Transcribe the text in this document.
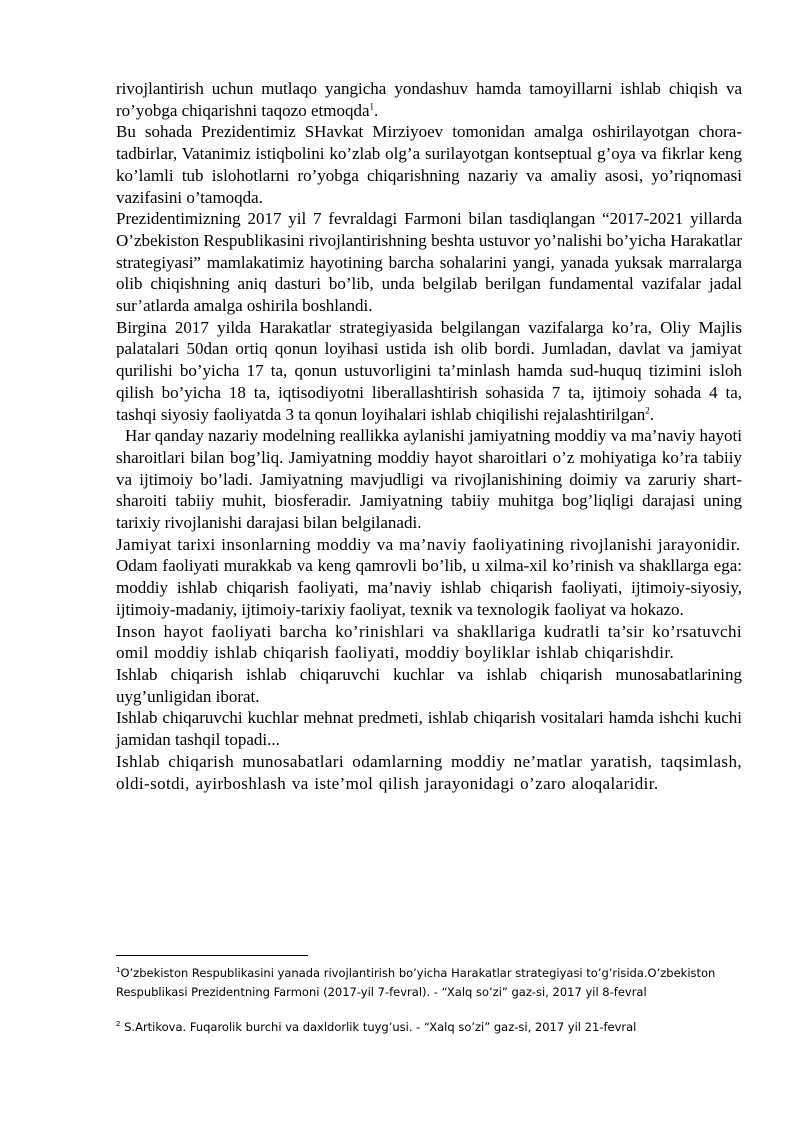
rivojlantirish uchun mutlaqo yangicha yondashuv hamda tamoyillarni ishlab chiqish va ro’yobga chiqarishni taqozo etmoqda$^1$.

Bu sohada Prezidentimiz SHavkat Mirziyoev tomonidan amalga oshirilayotgan chora-tadbirlar, Vatanimiz istiqbolini ko’zlab olg’a surilayotgan kontseptual g’oya va fikrlar keng ko’lamli tub islohotlarni ro’yobga chiqarishning nazariy va amaliy asosi, yo’riqnomasi vazifasini o’tamoqda.

Prezidentimizning 2017 yil 7 fevraldagi Farmoni bilan tasdiqlangan “2017-2021 yillarda O’zbekiston Respublikasini rivojlantirishning beshta ustuvor yo’nalishi bo’yicha Harakatlar strategiyasi” mamlakatimiz hayotining barcha sohalarini yangi, yanada yuksak marralarga olib chiqishning aniq dasturi bo’lib, unda belgilab berilgan fundamental vazifalar jadal sur’atlarda amalga oshirila boshlandi.

Birgina 2017 yilda Harakatlar strategiyasida belgilangan vazifalarga ko’ra, Oliy Majlis palatalari 50dan ortiq qonun loyihasi ustida ish olib bordi. Jumladan, davlat va jamiyat qurilishi bo’yicha 17 ta, qonun ustuvorligini ta’minlash hamda sud-huquq tizimini isloh qilish bo’yicha 18 ta, iqtisodiyotni liberallashtirish sohasida 7 ta, ijtimoiy sohada 4 ta, tashqi siyosiy faoliyatda 3 ta qonun loyihalari ishlab chiqilishi rejalashtirilgan$^2$.

Har qanday nazariy modelning reallikka aylanishi jamiyatning moddiy va ma’naviy hayoti sharoitlari bilan bog’liq. Jamiyatning moddiy hayot sharoitlari o’z mohiyatiga ko’ra tabiiy va ijtimoiy bo’ladi. Jamiyatning mavjudligi va rivojlanishining doimiy va zaruriy shart-sharoiti tabiiy muhit, biosferadir. Jamiyatning tabiiy muhitga bog’liqligi darajasi uning tarixiy rivojlanishi darajasi bilan belgilanadi.

Jamiyat tarixi insonlarning moddiy va ma’naviy faoliyatining rivojlanishi jarayonidir.

Odam faoliyati murakkab va keng qamrovli bo’lib, u xilma-xil ko’rinish va shakllarga ega: moddiy ishlab chiqarish faoliyati, ma’naviy ishlab chiqarish faoliyati, ijtimoiy-siyosiy, ijtimoiy-madaniy, ijtimoiy-tarixiy faoliyat, texnik va texnologik faoliyat va hokazo.

Inson hayot faoliyati barcha ko’rinishlari va shakllariga kudratli ta’sir ko’rsatuvchi omil moddiy ishlab chiqarish faoliyati, moddiy boyliklar ishlab chiqarishdir.

Ishlab chiqarish ishlab chiqaruvchi kuchlar va ishlab chiqarish munosabatlarining uyg’unligidan iborat.

Ishlab chiqaruvchi kuchlar mehnat predmeti, ishlab chiqarish vositalari hamda ishchi kuchi jamidan tashqil topadi...

Ishlab chiqarish munosabatlari odamlarning moddiy ne’matlar yaratish, taqsimlash, oldi-sotdi, ayirboshlash va iste’mol qilish jarayonidagi o’zaro aloqalaridir.

$^1$O’zbekiston Respublikasini yanada rivojlantirish bo’yicha Harakatlar strategiyasi to’g’risida.O’zbekiston Respublikasi Prezidentning Farmoni (2017-yil 7-fevral). - “Xalq so’zi” gaz-si, 2017 yil 8-fevral

$^2$ S.Artikova. Fuqarolik burchi va daxldorlik tuyg’usi. - “Xalq so’zi” gaz-si, 2017 yil 21-fevral
